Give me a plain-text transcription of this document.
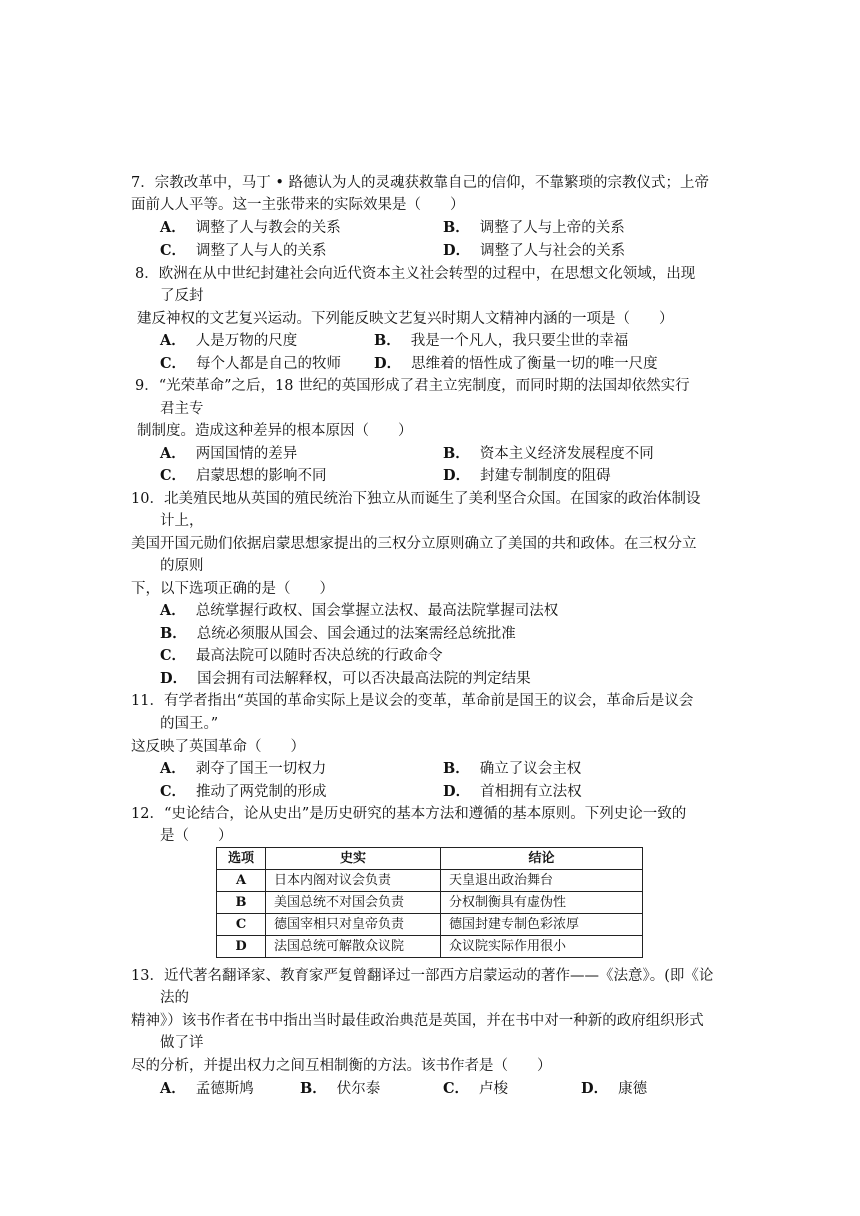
7．宗教改革中，马丁 • 路德认为人的灵魂获救靠自己的信仰，不靠繁琐的宗教仪式；上帝
面前人人平等。这一主张带来的实际效果是（　　）
A． 调整了人与教会的关系	B． 调整了人与上帝的关系
C． 调整了人与人的关系	D． 调整了人与社会的关系
8．欧洲在从中世纪封建社会向近代资本主义社会转型的过程中，在思想文化领域，出现
了反封
建反神权的文艺复兴运动。下列能反映文艺复兴时期人文精神内涵的一项是（　　）
A． 人是万物的尺度	B． 我是一个凡人，我只要尘世的幸福
C． 每个人都是自己的牧师 D． 思维着的悟性成了衡量一切的唯一尺度
9．“光荣革命”之后，18 世纪的英国形成了君主立宪制度，而同时期的法国却依然实行
君主专
制制度。造成这种差异的根本原因（　　）
A． 两国国情的差异	B． 资本主义经济发展程度不同
C． 启蒙思想的影响不同	D． 封建专制制度的阻碍
10．北美殖民地从英国的殖民统治下独立从而诞生了美利坚合众国。在国家的政治体制设
计上，
美国开国元勋们依据启蒙思想家提出的三权分立原则确立了美国的共和政体。在三权分立
的原则
下，以下选项正确的是（　　）
A． 总统掌握行政权、国会掌握立法权、最高法院掌握司法权
B． 总统必须服从国会、国会通过的法案需经总统批准
C． 最高法院可以随时否决总统的行政命令
D． 国会拥有司法解释权，可以否决最高法院的判定结果
11．有学者指出“英国的革命实际上是议会的变革，革命前是国王的议会，革命后是议会
的国王。”
这反映了英国革命（　　）
A． 剥夺了国王一切权力	B． 确立了议会主权
C． 推动了两党制的形成	D． 首相拥有立法权
12．“史论结合，论从史出”是历史研究的基本方法和遵循的基本原则。下列史论一致的
是（　　）
选项	史实	结论
A	日本内阁对议会负责	天皇退出政治舞台
B	美国总统不对国会负责	分权制衡具有虚伪性
C	德国宰相只对皇帝负责	德国封建专制色彩浓厚
D	法国总统可解散众议院	众议院实际作用很小
13．近代著名翻译家、教育家严复曾翻译过一部西方启蒙运动的著作——《法意》。(即《论
法的
精神》）该书作者在书中指出当时最佳政治典范是英国，并在书中对一种新的政府组织形式
做了详
尽的分析，并提出权力之间互相制衡的方法。该书作者是（　　）
A． 孟德斯鸠	B． 伏尔泰	C． 卢梭	D． 康德
